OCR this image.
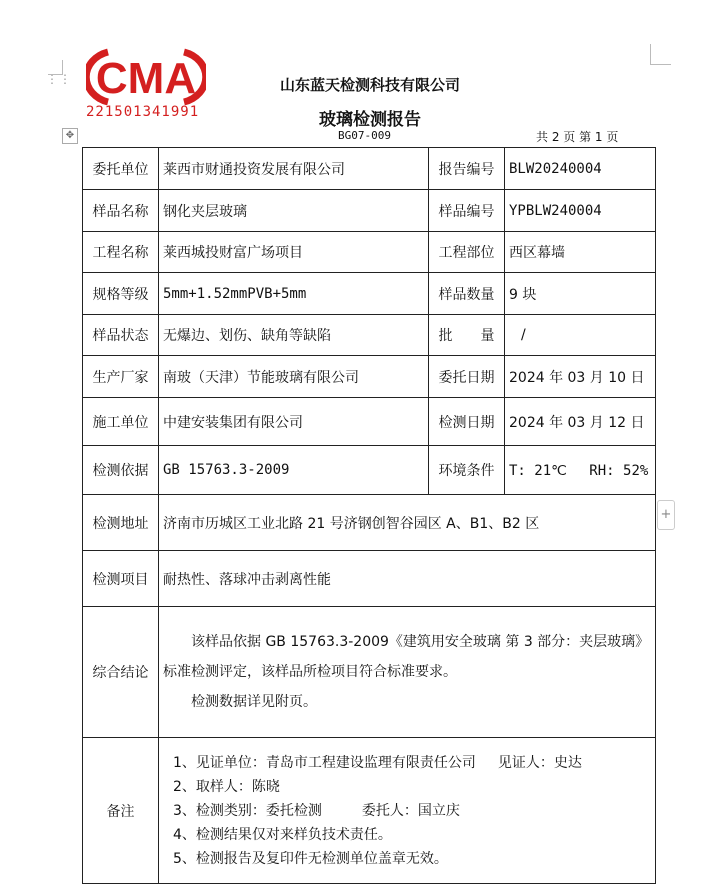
⋮⋮ CMA
221501341991
山东蓝天检测科技有限公司
玻璃检测报告
✥	BG07-009	共 2 页 第 1 页
委托单位	莱西市财通投资发展有限公司	报告编号	BLW20240004
样品名称	钢化夹层玻璃	样品编号	YPBLW240004
工程名称	莱西城投财富广场项目	工程部位	西区幕墙
规格等级	5mm+1.52mmPVB+5mm	样品数量	9 块
样品状态	无爆边、划伤、缺角等缺陷	批　　量	/
生产厂家	南玻（天津）节能玻璃有限公司	委托日期	2024 年 03 月 10 日
施工单位	中建安装集团有限公司	检测日期	2024 年 03 月 12 日
检测依据	GB 15763.3-2009	环境条件	T: 21℃　 RH: 52%
检测地址	济南市历城区工业北路 21 号济钢创智谷园区 A、B1、B2 区		
检测项目	耐热性、落球冲击剥离性能		
综合结论	该样品依据 GB 15763.3-2009《建筑用安全玻璃 第 3 部分：夹层玻璃》标准检测评定，该样品所检项目符合标准要求。
检测数据详见附页。		

备注	1、见证单位：青岛市工程建设监理有限责任公司 见证人：史达
2、取样人：陈晓
3、检测类别：委托检测 委托人：国立庆
4、检测结果仅对来样负技术责任。
5、检测报告及复印件无检测单位盖章无效。		
+
